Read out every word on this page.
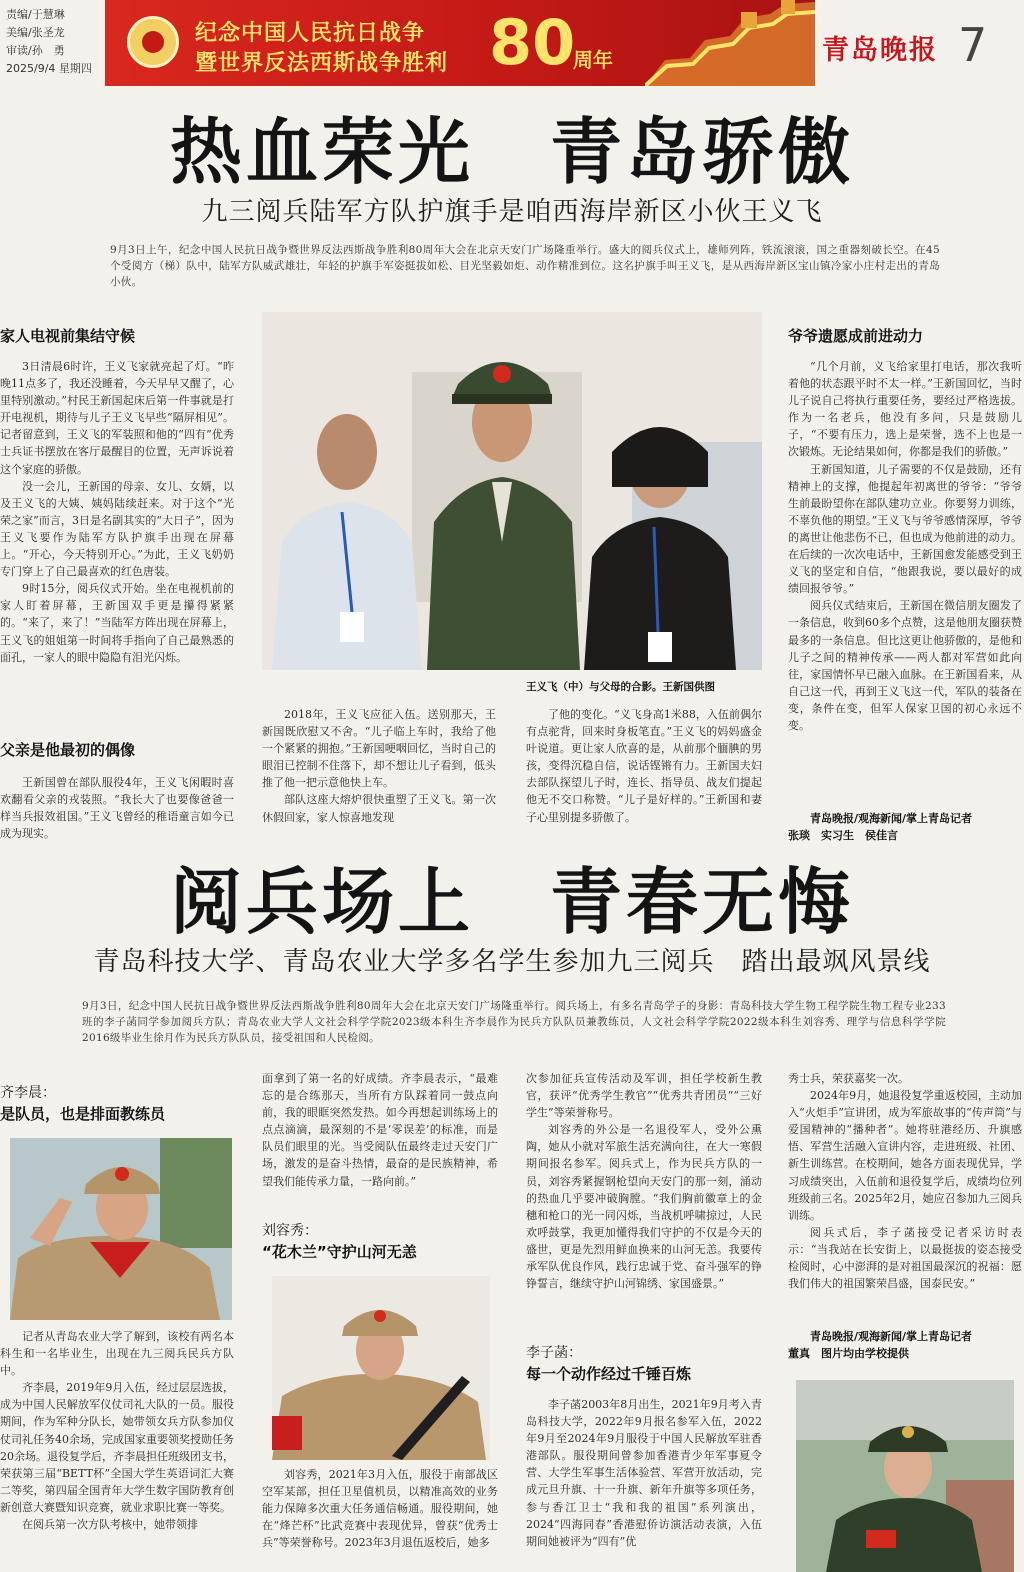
责编/于慧琳
美编/张圣龙
审读/孙　勇
2025/9/4 星期四
纪念中国人民抗日战争
暨世界反法西斯战争胜利 80
周年	青岛晚报 7
热血荣光　青岛骄傲
九三阅兵陆军方队护旗手是咱西海岸新区小伙王义飞
9月3日上午，纪念中国人民抗日战争暨世界反法西斯战争胜利80周年大会在北京天安门广场隆重举行。盛大的阅兵仪式上，雄师列阵，铁流滚滚，国之重器刻破长空。在45个受阅方（梯）队中，陆军方队威武雄壮，年轻的护旗手军姿挺拔如松、目光坚毅如炬、动作精准到位。这名护旗手叫王义飞，是从西海岸新区宝山镇冷家小庄村走出的青岛小伙。
家人电视前集结守候

3日清晨6时许，王义飞家就亮起了灯。“昨晚11点多了，我还没睡着，今天早早又醒了，心里特别激动。”村民王新国起床后第一件事就是打开电视机，期待与儿子王义飞早些“隔屏相见”。记者留意到，王义飞的军装照和他的“四有”优秀士兵证书摆放在客厅最醒目的位置，无声诉说着这个家庭的骄傲。

没一会儿，王新国的母亲、女儿、女婿，以及王义飞的大姨、姨妈陆续赶来。对于这个“光荣之家”而言，3日是名副其实的“大日子”，因为王义飞要作为陆军方队护旗手出现在屏幕上。“开心，今天特别开心。”为此，王义飞奶奶专门穿上了自己最喜欢的红色唐装。

9时15分，阅兵仪式开始。坐在电视机前的家人盯着屏幕，王新国双手更是攥得紧紧的。“来了，来了！”当陆军方阵出现在屏幕上，王义飞的姐姐第一时间将手指向了自己最熟悉的面孔，一家人的眼中隐隐有泪光闪烁。

父亲是他最初的偶像

王新国曾在部队服役4年，王义飞闲暇时喜欢翻看父亲的戎装照。“我长大了也要像爸爸一样当兵报效祖国。”王义飞曾经的稚语童言如今已成为现实。

王义飞（中）与父母的合影。王新国供图

2018年，王义飞应征入伍。送别那天，王新国既欣慰又不舍。“儿子临上车时，我给了他一个紧紧的拥抱。”王新国哽咽回忆，当时自己的眼泪已控制不住落下，却不想让儿子看到，低头推了他一把示意他快上车。

部队这座大熔炉很快重塑了王义飞。第一次休假回家，家人惊喜地发现

了他的变化。“义飞身高1米88，入伍前偶尔有点驼背，回来时身板笔直。”王义飞的妈妈盛金叶说道。更让家人欣喜的是，从前那个腼腆的男孩，变得沉稳自信，说话铿锵有力。王新国夫妇去部队探望儿子时，连长、指导员、战友们提起他无不交口称赞。“儿子是好样的。”王新国和妻子心里别提多骄傲了。

爷爷遗愿成前进动力

“几个月前，义飞给家里打电话，那次我听着他的状态跟平时不太一样。”王新国回忆，当时儿子说自己将执行重要任务，要经过严格选拔。作为一名老兵，他没有多问，只是鼓励儿子，“不要有压力，选上是荣誉，选不上也是一次锻炼。无论结果如何，你都是我们的骄傲。”

王新国知道，儿子需要的不仅是鼓励，还有精神上的支撑，他提起年初离世的爷爷：“爷爷生前最盼望你在部队建功立业。你要努力训练，不辜负他的期望。”王义飞与爷爷感情深厚，爷爷的离世让他悲伤不已，但也成为他前进的动力。在后续的一次次电话中，王新国愈发能感受到王义飞的坚定和自信，“他跟我说，要以最好的成绩回报爷爷。”

阅兵仪式结束后，王新国在微信朋友圈发了一条信息，收到60多个点赞，这是他朋友圈获赞最多的一条信息。但比这更让他骄傲的，是他和儿子之间的精神传承——两人都对军营如此向往，家国情怀早已融入血脉。在王新国看来，从自己这一代，再到王义飞这一代，军队的装备在变，条件在变，但军人保家卫国的初心永远不变。

青岛晚报/观海新闻/掌上青岛记者
张琰　实习生　侯佳言
阅兵场上　青春无悔
青岛科技大学、青岛农业大学多名学生参加九三阅兵　踏出最飒风景线
9月3日，纪念中国人民抗日战争暨世界反法西斯战争胜利80周年大会在北京天安门广场隆重举行。阅兵场上，有多名青岛学子的身影：青岛科技大学生物工程学院生物工程专业233班的李子菡同学参加阅兵方队；青岛农业大学人文社会科学学院2023级本科生齐李晨作为民兵方队队员兼教练员，人文社会科学学院2022级本科生刘容秀、理学与信息科学学院2016级毕业生徐月作为民兵方队队员，接受祖国和人民检阅。
齐李晨：
是队员，也是排面教练员

记者从青岛农业大学了解到，该校有两名本科生和一名毕业生，出现在九三阅兵民兵方队中。

齐李晨，2019年9月入伍，经过层层选拔，成为中国人民解放军仪仗司礼大队的一员。服役期间，作为军种分队长，她带领女兵方队参加仪仗司礼任务40余场，完成国家重要领奖授勋任务20余场。退役复学后，齐李晨担任班级团支书，荣获第三届“BETT杯”全国大学生英语词汇大赛二等奖，第四届全国青年大学生数字国防教育创新创意大赛暨知识竞赛，就业求职比赛一等奖。

在阅兵第一次方队考核中，她带领排

面拿到了第一名的好成绩。齐李晨表示，“最难忘的是合练那天，当所有方队踩着同一鼓点向前，我的眼眶突然发热。如今再想起训练场上的点点滴滴，最深刻的不是‘零误差’的标准，而是队员们眼里的光。当受阅队伍最终走过天安门广场，激发的是奋斗热情，最奋的是民族精神，希望我们能传承力量，一路向前。”

刘容秀：
“花木兰”守护山河无恙

刘容秀，2021年3月入伍，服役于南部战区空军某部，担任卫星值机员，以精准高效的业务能力保障多次重大任务通信畅通。服役期间，她在“烽芒杯”比武竞赛中表现优异，曾获“优秀士兵”等荣誉称号。2023年3月退伍返校后，她多

次参加征兵宣传活动及军训，担任学校新生教官，获评“优秀学生教官”“优秀共青团员”“三好学生”等荣誉称号。

刘容秀的外公是一名退役军人，受外公熏陶，她从小就对军旅生活充满向往，在大一寒假期间报名参军。阅兵式上，作为民兵方队的一员，刘容秀紧握钢枪望向天安门的那一刻，涌动的热血几乎要冲破胸膛。“我们胸前徽章上的金穗和枪口的光一同闪烁，当战机呼啸掠过，人民欢呼鼓掌，我更加懂得我们守护的不仅是今天的盛世，更是先烈用鲜血换来的山河无恙。我要传承军队优良作风，践行忠诚于党、奋斗强军的铮铮誓言，继续守护山河锦绣、家国盛景。”

李子菡：
每一个动作经过千锤百炼

李子菡2003年8月出生，2021年9月考入青岛科技大学，2022年9月报名参军入伍，2022年9月至2024年9月服役于中国人民解放军驻香港部队。服役期间曾参加香港青少年军事夏令营、大学生军事生活体验营、军营开放活动，完成元旦升旗、十一升旗、新年升旗等多项任务，参与香江卫士“我和我的祖国”系列演出，2024“四海同春”香港慰侨访演活动表演，入伍期间她被评为“四有”优

秀士兵，荣获嘉奖一次。

2024年9月，她退役复学重返校园，主动加入“火炬手”宣讲团，成为军旅故事的“传声筒”与爱国精神的“播种者”。她将驻港经历、升旗感悟、军营生活融入宣讲内容，走进班级、社团、新生训练营。在校期间，她各方面表现优异，学习成绩突出，入伍前和退役复学后，成绩均位列班级前三名。2025年2月，她应召参加九三阅兵训练。

阅兵式后，李子菡接受记者采访时表示：“当我站在长安街上，以最挺拔的姿态接受检阅时，心中澎湃的是对祖国最深沉的祝福：愿我们伟大的祖国繁荣昌盛，国泰民安。”

青岛晚报/观海新闻/掌上青岛记者
董真　图片均由学校提供
